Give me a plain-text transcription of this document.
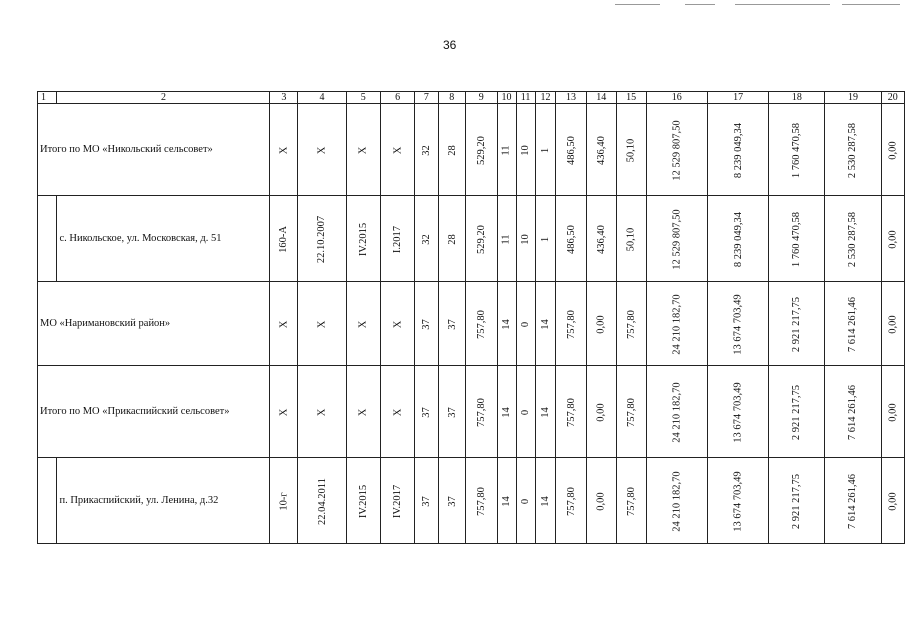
36
1	2	3	4	5	6	7	8	9	10	11	12	13	14	15	16	17	18	19	20
Итого по МО «Никольский сельсовет»		X	X	X	X	32	28	529,20	11	10	1	486,50	436,40	50,10	12 529 807,50	8 239 049,34	1 760 470,58	2 530 287,58	0,00
	с. Никольское, ул. Московская, д. 51	160-А	22.10.2007	IV.2015	I.2017	32	28	529,20	11	10	1	486,50	436,40	50,10	12 529 807,50	8 239 049,34	1 760 470,58	2 530 287,58	0,00
МО «Наримановский район»		X	X	X	X	37	37	757,80	14	0	14	757,80	0,00	757,80	24 210 182,70	13 674 703,49	2 921 217,75	7 614 261,46	0,00
Итого по МО «Прикаспийский сельсовет»		X	X	X	X	37	37	757,80	14	0	14	757,80	0,00	757,80	24 210 182,70	13 674 703,49	2 921 217,75	7 614 261,46	0,00
	п. Прикаспийский, ул. Ленина, д.32	10-г	22.04.2011	IV.2015	IV.2017	37	37	757,80	14	0	14	757,80	0,00	757,80	24 210 182,70	13 674 703,49	2 921 217,75	7 614 261,46	0,00
